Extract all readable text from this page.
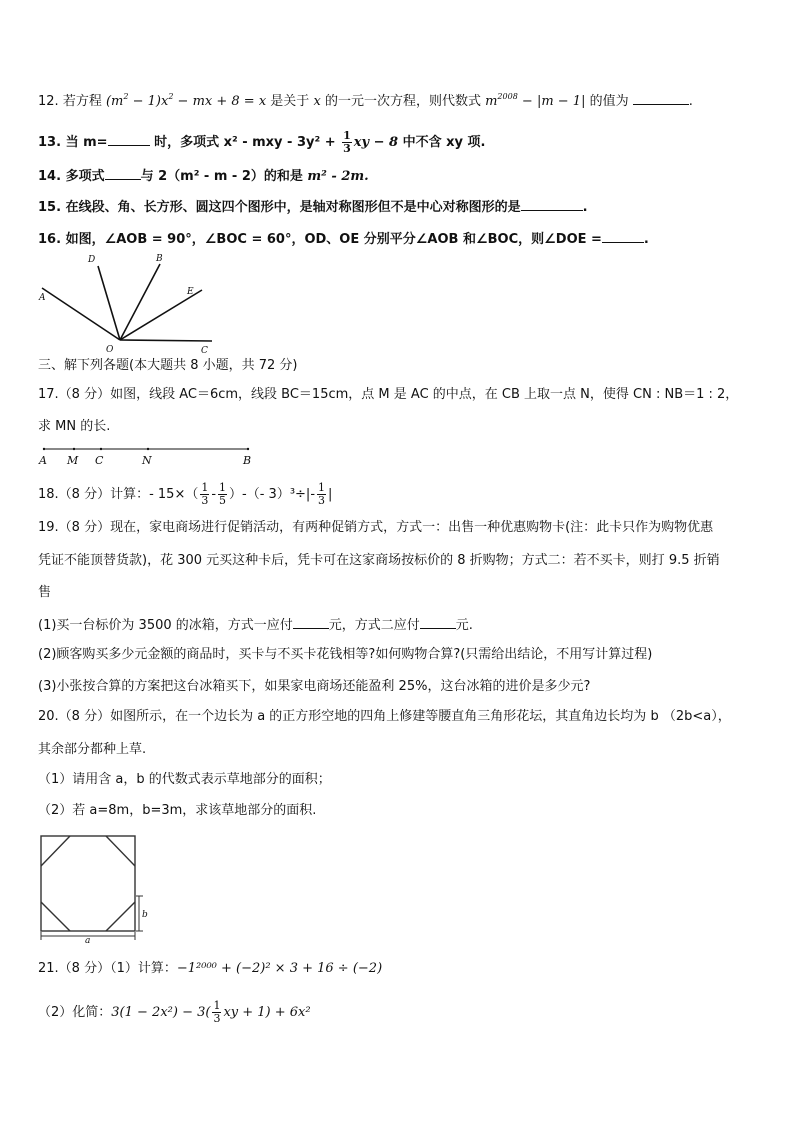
12. 若方程 $(m^2 - 1)x^2$ − mx + 8 = x 是关于 x 的一元一次方程，则代数式 $m^{2008} - |m - 1|$ 的值为	.
13. 当 m=	时，多项式 x² - mxy - $3y^2 + \frac{1}{3}$ xy − 8 中不含 xy 项.
14. 多项式	与 2（m² - m - 2）的和是 m² - 2m.
15. 在线段、角、长方形、圆这四个图形中，是轴对称图形但不是中心对称图形的是	.
16. 如图，∠AOB = 90°，∠BOC = 60°，OD、OE 分别平分∠AOB 和∠BOC，则∠DOE =	.
A
D	B
E
O	C
三、解下列各题(本大题共 8 小题，共 72 分)
17.（8 分）如图，线段 AC＝6cm，线段 BC＝15cm，点 M 是 AC 的中点，在 CB 上取一点 N，使得 CN : NB＝1 : 2，
求 MN 的长.
A M C	N	B
18.（8 分）计算：- $15\times( \frac{1}{3} - \frac{1}{5}$ ）-（- $3)^3\div|- \frac{1}{3}$ |
19.（8 分）现在，家电商场进行促销活动，有两种促销方式，方式一：出售一种优惠购物卡(注：此卡只作为购物优惠
凭证不能顶替货款)，花 300 元买这种卡后，凭卡可在这家商场按标价的 8 折购物；方式二：若不买卡，则打 9.5 折销
售
(1)买一台标价为 3500 的冰箱，方式一应付	元，方式二应付	元.
(2)顾客购买多少元金额的商品时，买卡与不买卡花钱相等?如何购物合算?(只需给出结论，不用写计算过程)
(3)小张按合算的方案把这台冰箱买下，如果家电商场还能盈利 25%，这台冰箱的进价是多少元?
20.（8 分）如图所示，在一个边长为 a 的正方形空地的四角上修建等腰直角三角形花坛，其直角边长均为 b （2b<a），
其余部分都种上草.
（1）请用含 a，b 的代数式表示草地部分的面积；
（2）若 a=8m，b=3m，求该草地部分的面积.
a
b
21.（8 分）（1）计算：−1²⁰⁰⁰ + (−2)² × 3 + 16 ÷ (−2)
（2）化简：$3(1 - 2x^2) - 3( \frac{1}{3}$ xy + 1) + 6x²
